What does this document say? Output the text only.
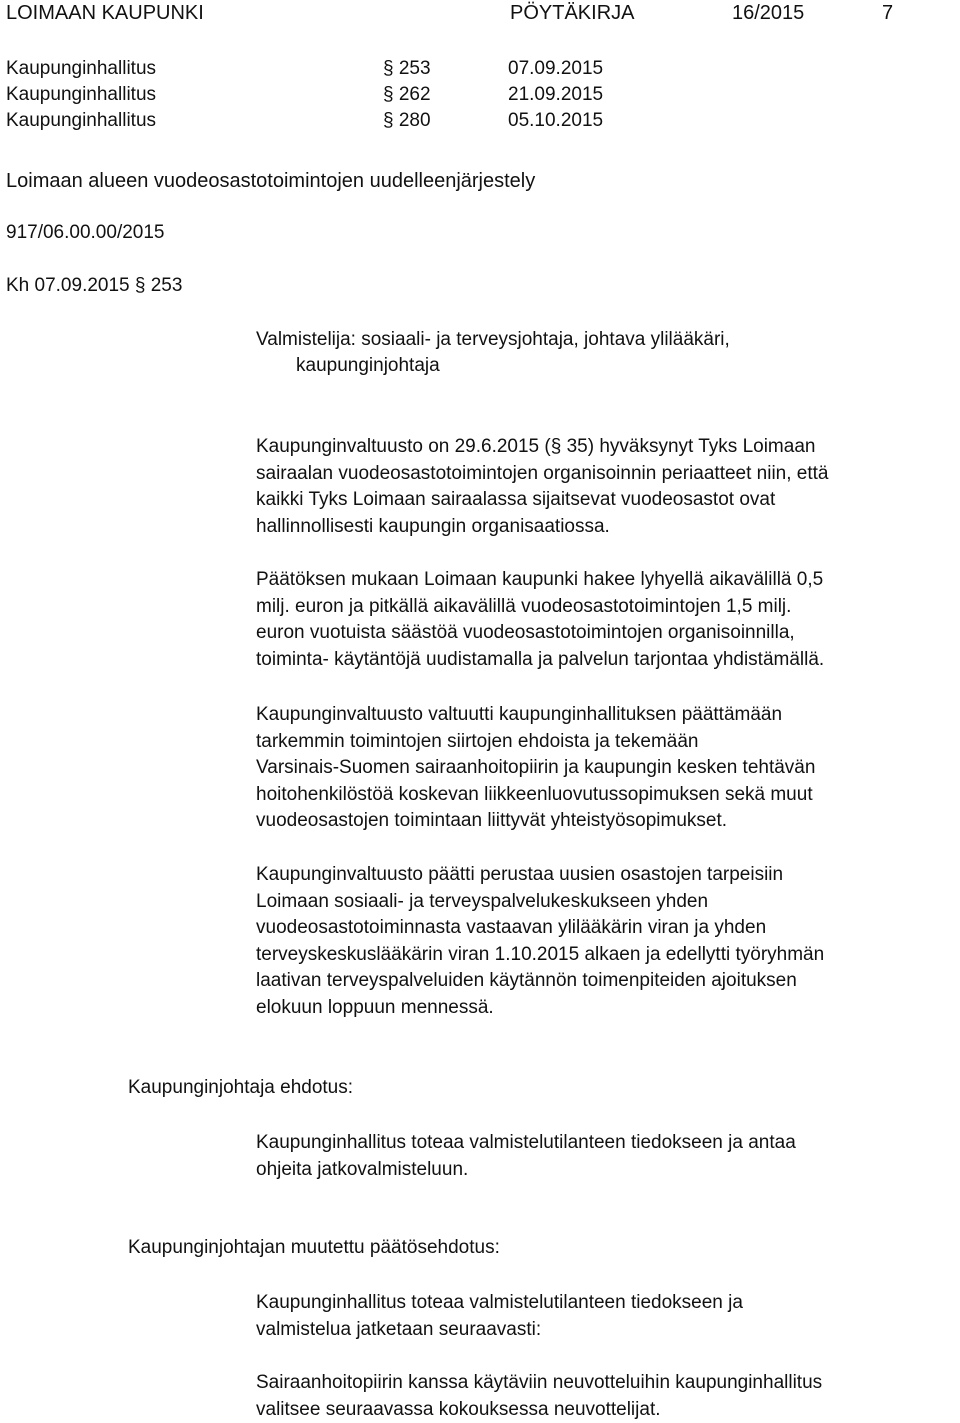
LOIMAAN KAUPUNKI	PÖYTÄKIRJA	16/2015	7
Kaupunginhallitus	§ 253	07.09.2015
Kaupunginhallitus	§ 262	21.09.2015
Kaupunginhallitus	§ 280	05.10.2015
Loimaan alueen vuodeosastotoimintojen uudelleenjärjestely
917/06.00.00/2015
Kh 07.09.2015 § 253
Valmistelija: sosiaali- ja terveysjohtaja, johtava ylilääkäri,
kaupunginjohtaja
Kaupunginvaltuusto on 29.6.2015 (§ 35) hyväksynyt Tyks Loimaan
sairaalan vuodeosastotoimintojen organisoinnin periaatteet niin, että
kaikki Tyks Loimaan sairaalassa sijaitsevat vuodeosastot ovat
hallinnollisesti kaupungin organisaatiossa.
Päätöksen mukaan Loimaan kaupunki hakee lyhyellä aikavälillä 0,5
milj. euron ja pitkällä aikavälillä vuodeosastotoimintojen 1,5 milj.
euron vuotuista säästöä vuodeosastotoimintojen organisoinnilla,
toiminta- käytäntöjä uudistamalla ja palvelun tarjontaa yhdistämällä.
Kaupunginvaltuusto valtuutti kaupunginhallituksen päättämään
tarkemmin toimintojen siirtojen ehdoista ja tekemään
Varsinais-Suomen sairaanhoitopiirin ja kaupungin kesken tehtävän
hoitohenkilöstöä koskevan liikkeenluovutussopimuksen sekä muut
vuodeosastojen toimintaan liittyvät yhteistyösopimukset.
Kaupunginvaltuusto päätti perustaa uusien osastojen tarpeisiin
Loimaan sosiaali- ja terveyspalvelukeskukseen yhden
vuodeosastotoiminnasta vastaavan ylilääkärin viran ja yhden
terveyskeskuslääkärin viran 1.10.2015 alkaen ja edellytti työryhmän
laativan terveyspalveluiden käytännön toimenpiteiden ajoituksen
elokuun loppuun mennessä.
Kaupunginjohtaja ehdotus:
Kaupunginhallitus toteaa valmistelutilanteen tiedokseen ja antaa
ohjeita jatkovalmisteluun.
Kaupunginjohtajan muutettu päätösehdotus:
Kaupunginhallitus toteaa valmistelutilanteen tiedokseen ja
valmistelua jatketaan seuraavasti:
Sairaanhoitopiirin kanssa käytäviin neuvotteluihin kaupunginhallitus
valitsee seuraavassa kokouksessa neuvottelijat.
